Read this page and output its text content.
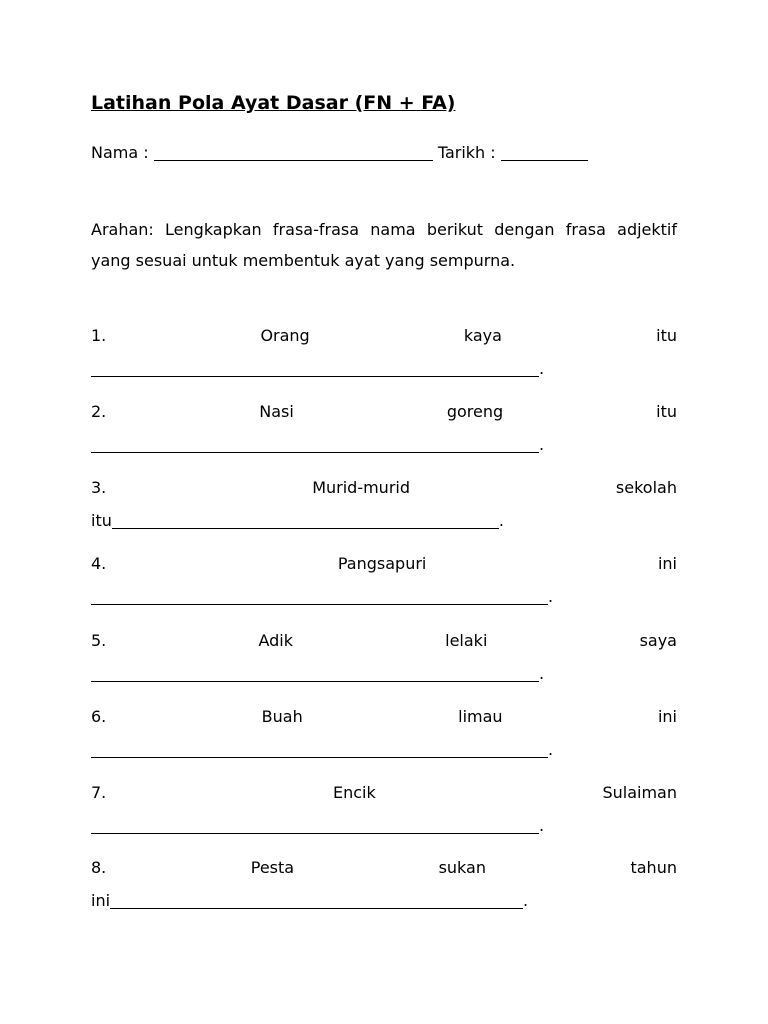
Latihan Pola Ayat Dasar (FN + FA)
Nama :	Tarikh :

Arahan: Lengkapkan frasa-frasa nama berikut dengan frasa adjektif yang sesuai untuk membentuk ayat yang sempurna.

1.	Orang	kaya	itu
.
2.	Nasi	goreng	itu
.
3.	Murid-murid	sekolah
itu	.
4.	Pangsapuri	ini
.
5.	Adik	lelaki	saya
.
6.	Buah	limau	ini
.
7.	Encik	Sulaiman
.
8.	Pesta	sukan	tahun
ini	.
